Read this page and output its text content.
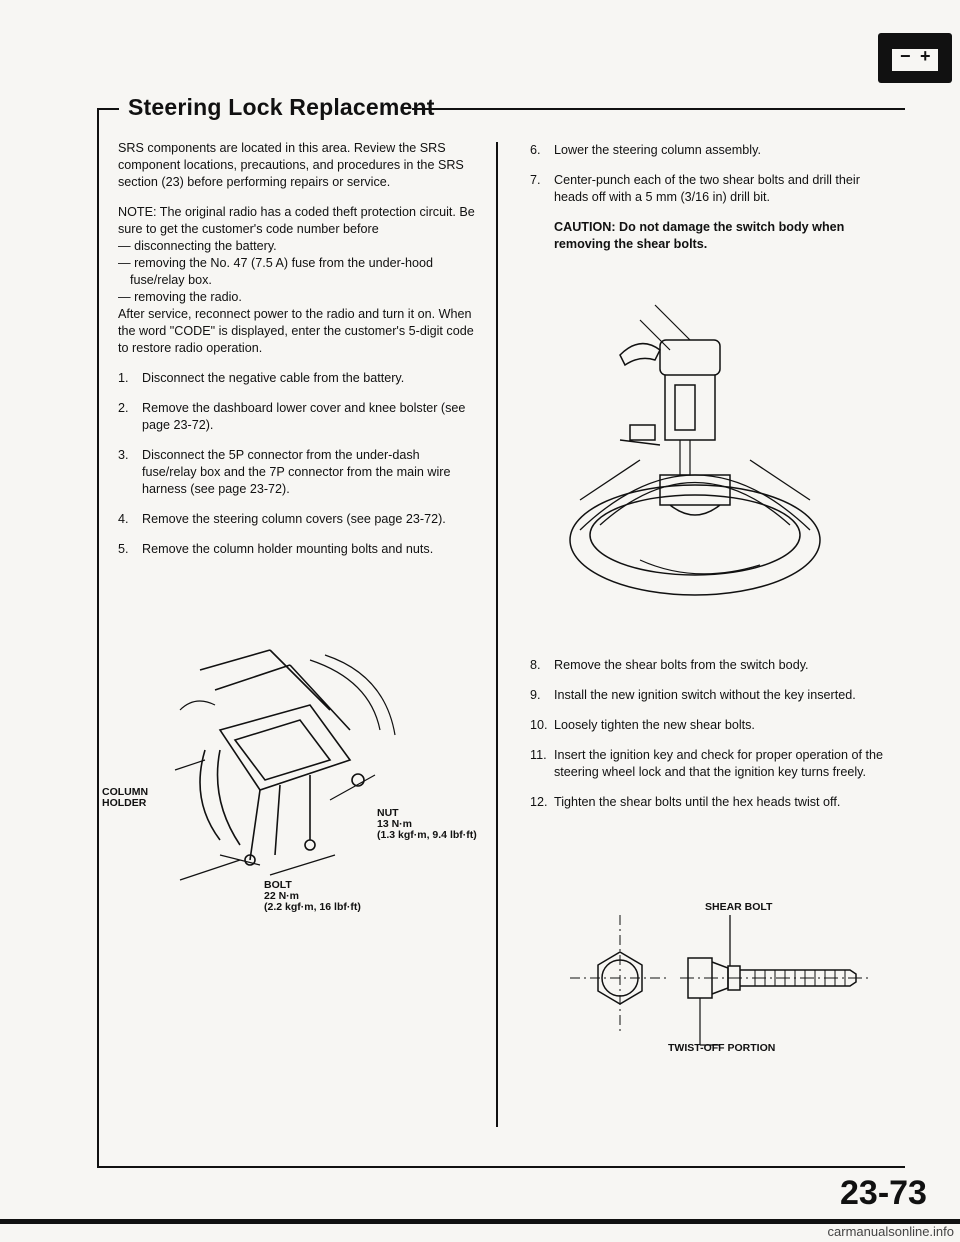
− +
Steering Lock Replacement

SRS components are located in this area. Review the SRS component locations, precautions, and procedures in the SRS section (23) before performing repairs or service.

NOTE: The original radio has a coded theft protection circuit. Be sure to get the customer's code number before

— disconnecting the battery.

— removing the No. 47 (7.5 A) fuse from the under-hood fuse/relay box.

— removing the radio.

After service, reconnect power to the radio and turn it on. When the word "CODE" is displayed, enter the customer's 5-digit code to restore radio operation.

1.	Disconnect the negative cable from the battery.
2.	Remove the dashboard lower cover and knee bolster (see page 23-72).
3.	Disconnect the 5P connector from the under-dash fuse/relay box and the 7P connector from the main wire harness (see page 23-72).
4.	Remove the steering column covers (see page 23-72).
5.	Remove the column holder mounting bolts and nuts.
COLUMN
HOLDER
NUT
13 N·m
(1.3 kgf·m, 9.4 lbf·ft)
BOLT
22 N·m
(2.2 kgf·m, 16 lbf·ft)
6.	Lower the steering column assembly.
7.	Center-punch each of the two shear bolts and drill their heads off with a 5 mm (3/16 in) drill bit.

CAUTION: Do not damage the switch body when removing the shear bolts.

8.	Remove the shear bolts from the switch body.
9.	Install the new ignition switch without the key inserted.
10. Loosely tighten the new shear bolts.
11. Insert the ignition key and check for proper operation of the steering wheel lock and that the ignition key turns freely.
12. Tighten the shear bolts until the hex heads twist off.
SHEAR BOLT
TWIST-OFF PORTION
23-73
carmanualsonline.info
